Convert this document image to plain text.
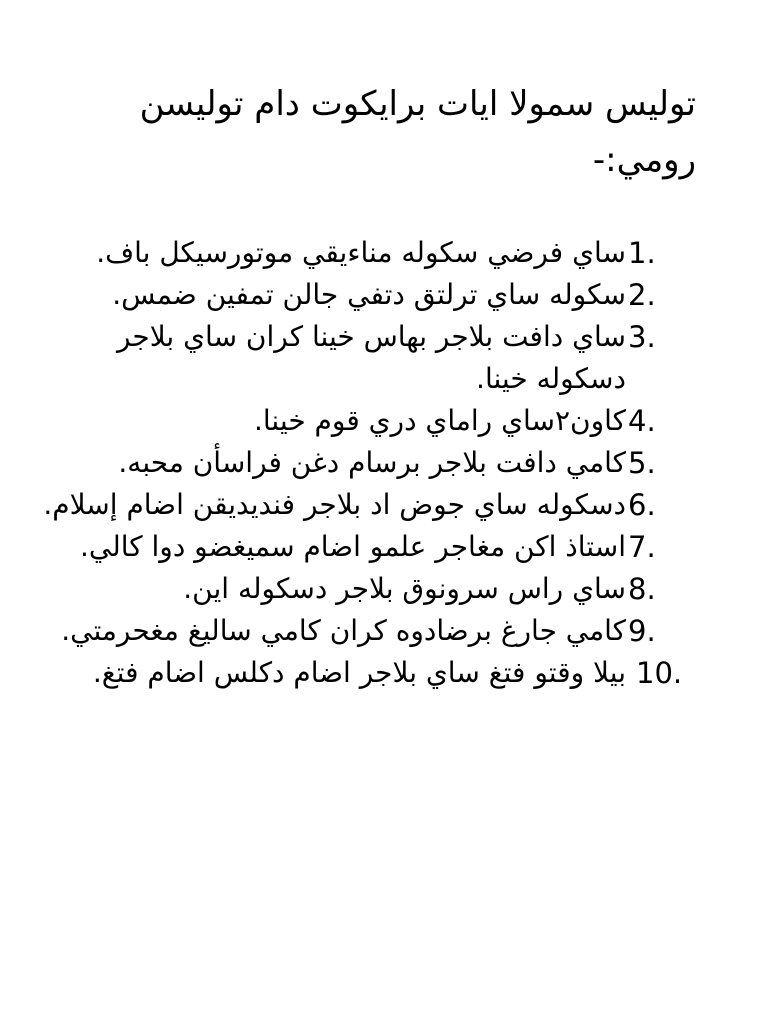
توليس سمولا ايات برايكوت دام توليسن رومي:-
1.
ساي فرضي سكوله مناءيقي موتورسيكل باف.
2.
سكوله ساي ترلتق دتفي جالن تمفين ضمس.
3.
ساي دافت بلاجر بهاس خينا كران ساي بلاجر دسكوله خينا.
4.
كاون٢ساي راماي دري قوم خينا.
5.
كامي دافت بلاجر برسام دغن فراسأن محبه.
6.
دسكوله ساي جوض اد بلاجر فنديديقن اضام إسلام.
7.
استاذ اكن مغاجر علمو اضام سميغضو دوا كالي.
8.
ساي راس سرونوق بلاجر دسكوله اين.
9.
كامي جارغ برضادوه كران كامي ساليغ مغحرمتي.
10.
بيلا وقتو فتغ ساي بلاجر اضام دكلس اضام فتغ.
